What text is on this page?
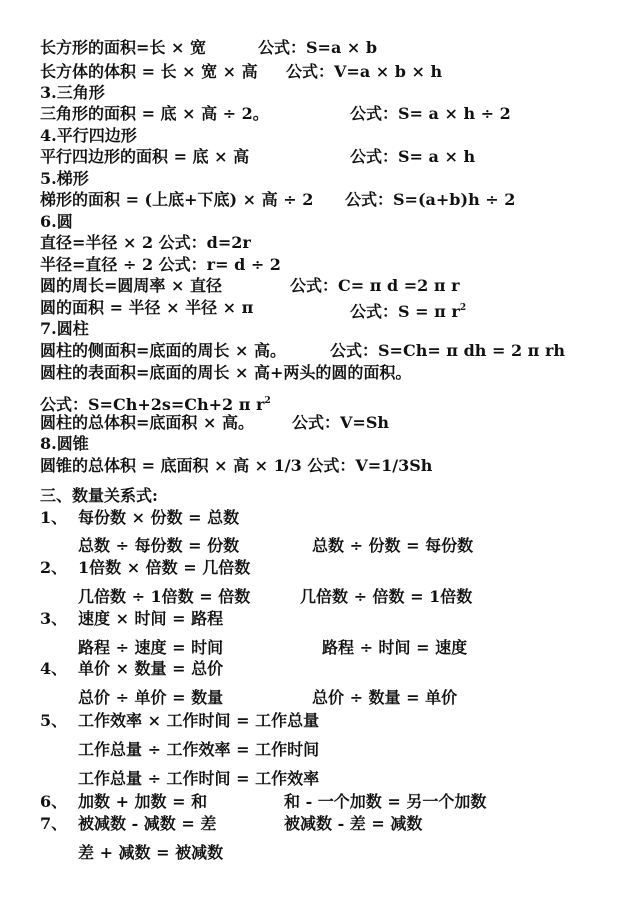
长方形的面积=长 × 宽	公式：S=a × b
长方体的体积 = 长 × 宽 × 高 公式：V=a × b × h
3.三角形
三角形的面积 = 底 × 高 ÷ 2。	公式：S= a × h ÷ 2
4.平行四边形
平行四边形的面积 = 底 × 高	公式：S= a × h
5.梯形
梯形的面积 = (上底+下底) × 高 ÷ 2 公式：S=(a+b)h ÷ 2
6.圆
直径=半径 × 2 公式：d=2r
半径=直径 ÷ 2 公式：r= d ÷ 2
圆的周长=圆周率 × 直径	公式：C= π d =2 π r
圆的面积 = 半径 × 半径 × π	公式：S = π $r^2$
7.圆柱
圆柱的侧面积=底面的周长 × 高。	公式：S=Ch= π dh = 2 π rh
圆柱的表面积=底面的周长 × 高+两头的圆的面积。
公式：S=Ch+2s=Ch+2 π $r^2$
圆柱的总体积=底面积 × 高。 公式：V=Sh
8.圆锥
圆锥的总体积 = 底面积 × 高 × 1/3 公式：V=1/3Sh
三、数量关系式:
1、 每份数 × 份数 = 总数
总数 ÷ 每份数 = 份数	总数 ÷ 份数 = 每份数
2、 1倍数 × 倍数 = 几倍数
几倍数 ÷ 1倍数 = 倍数	几倍数 ÷ 倍数 = 1倍数
3、 速度 × 时间 = 路程
路程 ÷ 速度 = 时间	路程 ÷ 时间 = 速度
4、 单价 × 数量 = 总价
总价 ÷ 单价 = 数量	总价 ÷ 数量 = 单价
5、 工作效率 × 工作时间 = 工作总量
工作总量 ÷ 工作效率 = 工作时间
工作总量 ÷ 工作时间 = 工作效率
6、 加数 + 加数 = 和	和 - 一个加数 = 另一个加数
7、 被减数 - 减数 = 差	被减数 - 差 = 减数
差 + 减数 = 被减数
